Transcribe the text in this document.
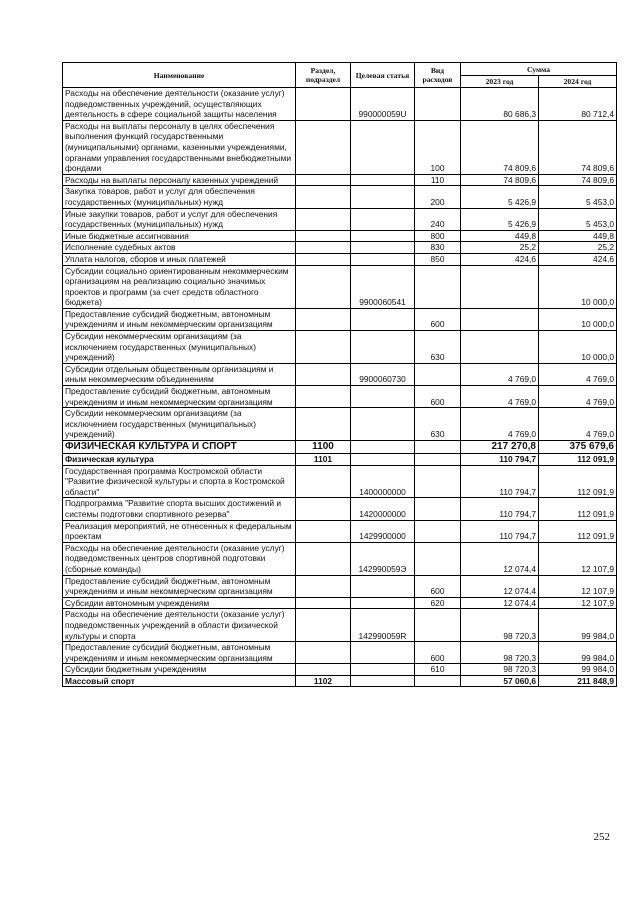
Наименование	Раздел, подраздел	Целевая статья	Вид расходов	Сумма	
				2023 год	2024 год
Расходы на обеспечение деятельности (оказание услуг) подведомственных учреждений, осуществляющих деятельность в сфере социальной защиты населения		990000059U		80 686,3	80 712,4
Расходы на выплаты персоналу в целях обеспечения выполнения функций государственными (муниципальными) органами, казенными учреждениями, органами управления государственными внебюджетными фондами			100	74 809,6	74 809,6
Расходы на выплаты персоналу казенных учреждений			110	74 809,6	74 809,6
Закупка товаров, работ и услуг для обеспечения государственных (муниципальных) нужд			200	5 426,9	5 453,0
Иные закупки товаров, работ и услуг для обеспечения государственных (муниципальных) нужд			240	5 426,9	5 453,0
Иные бюджетные ассигнования			800	449,8	449,8
Исполнение судебных актов			830	25,2	25,2
Уплата налогов, сборов и иных платежей			850	424,6	424,6
Субсидии социально ориентированным некоммерческим организациям на реализацию социально значимых проектов и программ (за счет средств областного бюджета)		9900060541			10 000,0
Предоставление субсидий бюджетным, автономным учреждениям и иным некоммерческим организациям			600		10 000,0
Субсидии некоммерческим организациям (за исключением государственных (муниципальных) учреждений)			630		10 000,0
Субсидии отдельным общественным организациям и иным некоммерческим объединениям		9900060730		4 769,0	4 769,0
Предоставление субсидий бюджетным, автономным учреждениям и иным некоммерческим организациям			600	4 769,0	4 769,0
Субсидии некоммерческим организациям (за исключением государственных (муниципальных) учреждений)			630	4 769,0	4 769,0
ФИЗИЧЕСКАЯ КУЛЬТУРА И СПОРТ	1100			217 270,8	375 679,6
Физическая культура	1101			110 794,7	112 091,9
Государственная программа Костромской области "Развитие физической культуры и спорта в Костромской области"		1400000000		110 794,7	112 091,9
Подпрограмма "Развитие спорта высших достижений и системы подготовки спортивного резерва"		1420000000		110 794,7	112 091,9
Реализация мероприятий, не отнесенных к федеральным проектам		1429900000		110 794,7	112 091,9
Расходы на обеспечение деятельности (оказание услуг) подведомственных центров спортивной подготовки (сборные команды)		142990059Э		12 074,4	12 107,9
Предоставление субсидий бюджетным, автономным учреждениям и иным некоммерческим организациям			600	12 074,4	12 107,9
Субсидии автономным учреждениям			620	12 074,4	12 107,9
Расходы на обеспечение деятельности (оказание услуг) подведомственных учреждений в области физической культуры и спорта		142990059R		98 720,3	99 984,0
Предоставление субсидий бюджетным, автономным учреждениям и иным некоммерческим организациям			600	98 720,3	99 984,0
Субсидии бюджетным учреждениям			610	98 720,3	99 984,0
Массовый спорт	1102			57 060,6	211 848,9
252
